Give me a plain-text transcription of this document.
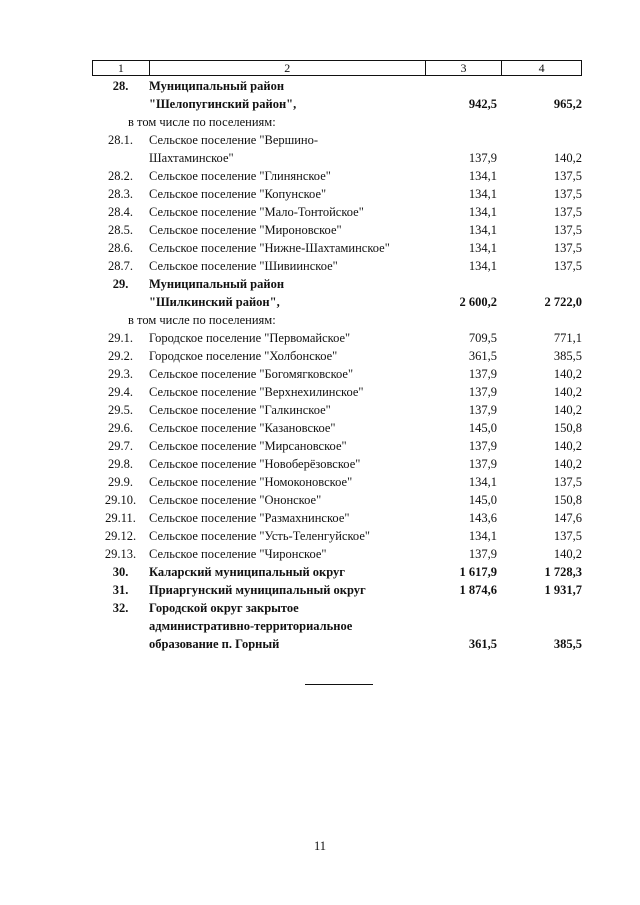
1	2	3	4
28.	Муниципальный район
"Шелопугинский район",	942,5	965,2
в том числе по поселениям:
28.1.	Сельское поселение "Вершино-
Шахтаминское"	137,9	140,2
28.2.	Сельское поселение "Глинянское"	134,1	137,5
28.3.	Сельское поселение "Копунское"	134,1	137,5
28.4.	Сельское поселение "Мало-Тонтойское"	134,1	137,5
28.5.	Сельское поселение "Мироновское"	134,1	137,5
28.6.	Сельское поселение "Нижне-Шахтаминское"	134,1	137,5
28.7.	Сельское поселение "Шивиинское"	134,1	137,5
29.	Муниципальный район
"Шилкинский район",	2 600,2	2 722,0
в том числе по поселениям:
29.1.	Городское поселение "Первомайское"	709,5	771,1
29.2.	Городское поселение "Холбонское"	361,5	385,5
29.3.	Сельское поселение "Богомягковское"	137,9	140,2
29.4.	Сельское поселение "Верхнехилинское"	137,9	140,2
29.5.	Сельское поселение "Галкинское"	137,9	140,2
29.6.	Сельское поселение "Казановское"	145,0	150,8
29.7.	Сельское поселение "Мирсановское"	137,9	140,2
29.8.	Сельское поселение "Новоберёзовское"	137,9	140,2
29.9.	Сельское поселение "Номоконовское"	134,1	137,5
29.10.	Сельское поселение "Ононское"	145,0	150,8
29.11.	Сельское поселение "Размахнинское"	143,6	147,6
29.12.	Сельское поселение "Усть-Теленгуйское"	134,1	137,5
29.13.	Сельское поселение "Чиронское"	137,9	140,2
30.	Каларский муниципальный округ	1 617,9	1 728,3
31.	Приаргунский муниципальный округ	1 874,6	1 931,7
32.	Городской округ закрытое
административно-территориальное
образование п. Горный	361,5	385,5
11
